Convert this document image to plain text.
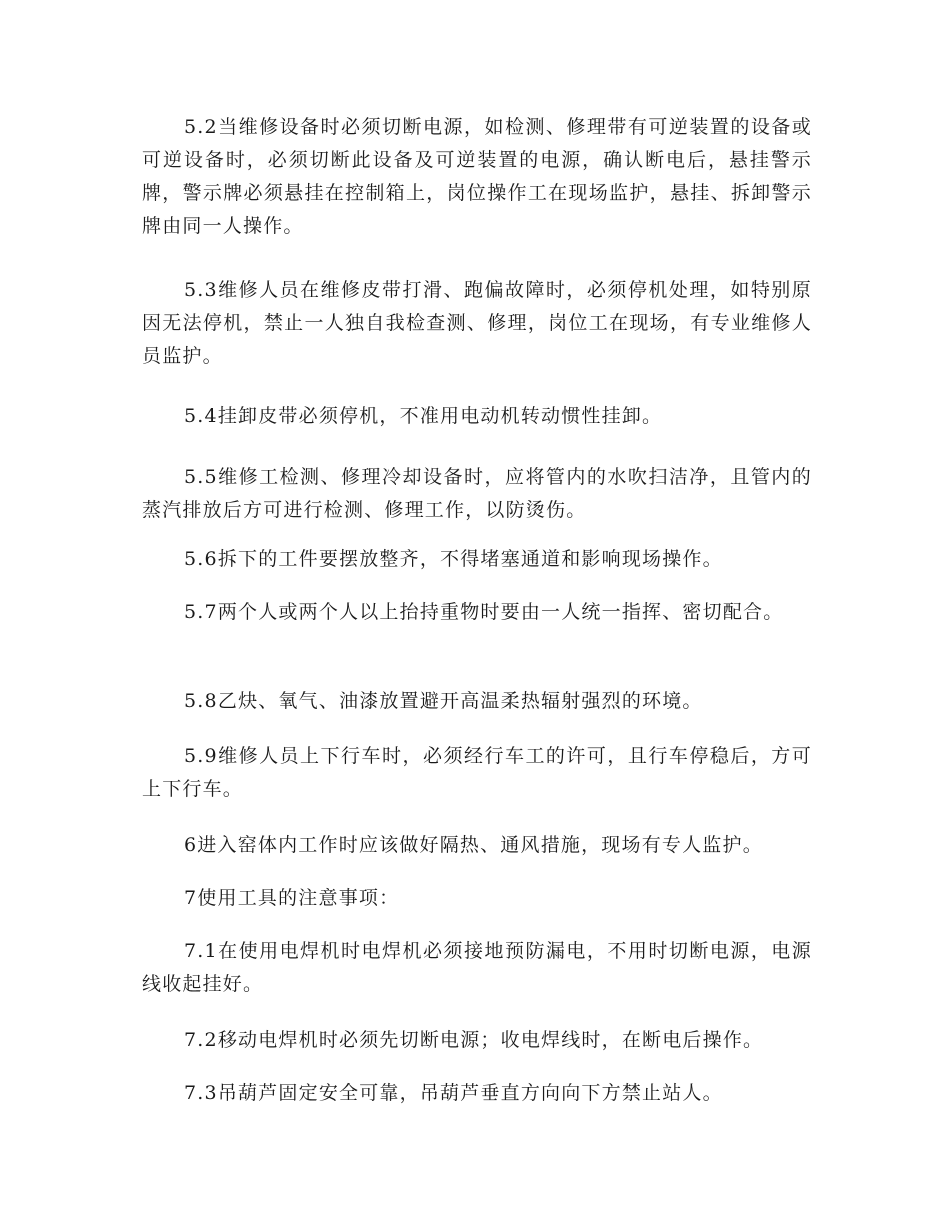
5.2当维修设备时必须切断电源，如检测、修理带有可逆装置的设备或可逆设备时，必须切断此设备及可逆装置的电源，确认断电后，悬挂警示牌，警示牌必须悬挂在控制箱上，岗位操作工在现场监护，悬挂、拆卸警示牌由同一人操作。

5.3维修人员在维修皮带打滑、跑偏故障时，必须停机处理，如特别原因无法停机，禁止一人独自我检查测、修理，岗位工在现场，有专业维修人员监护。

5.4挂卸皮带必须停机，不准用电动机转动惯性挂卸。

5.5维修工检测、修理冷却设备时，应将管内的水吹扫洁净，且管内的蒸汽排放后方可进行检测、修理工作，以防烫伤。

5.6拆下的工件要摆放整齐，不得堵塞通道和影响现场操作。

5.7两个人或两个人以上抬持重物时要由一人统一指挥、密切配合。

5.8乙炔、氧气、油漆放置避开高温柔热辐射强烈的环境。

5.9维修人员上下行车时，必须经行车工的许可，且行车停稳后，方可上下行车。

6进入窑体内工作时应该做好隔热、通风措施，现场有专人监护。

7使用工具的注意事项：

7.1在使用电焊机时电焊机必须接地预防漏电，不用时切断电源，电源线收起挂好。

7.2移动电焊机时必须先切断电源；收电焊线时，在断电后操作。

7.3吊葫芦固定安全可靠，吊葫芦垂直方向向下方禁止站人。
